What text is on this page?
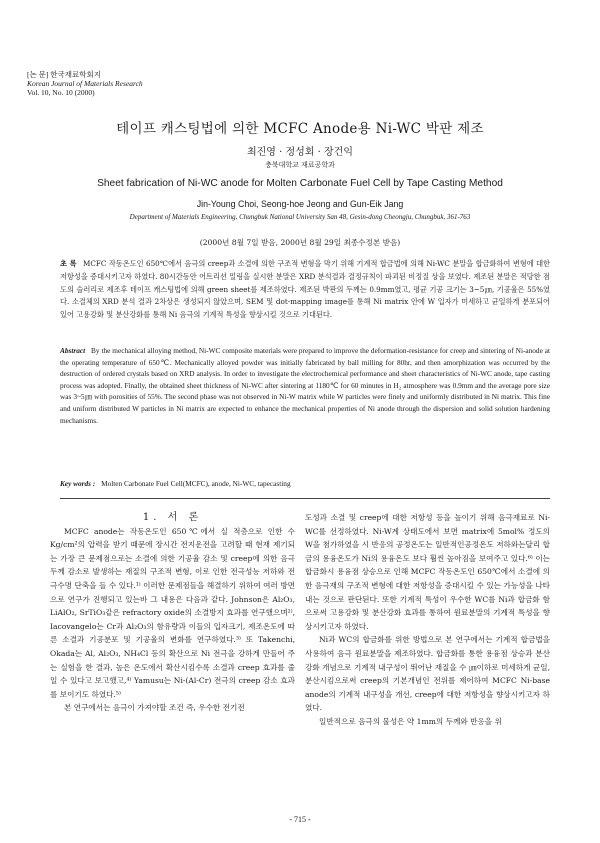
[논 문] 한국재료학회지
Korean Journal of Materials Research
Vol. 10, No. 10 (2000)
테이프 캐스팅법에 의한 MCFC Anode용 Ni-WC 박판 제조
최진영 · 정성회 · 장건익
충북대학교 재료공학과
Sheet fabrication of Ni-WC anode for Molten Carbonate Fuel Cell by Tape Casting Method
Jin-Young Choi, Seong-hoe Jeong and Gun-Eik Jang
Department of Materials Engineering, Chungbuk National University San 48, Gesin-dong Cheongju, Chungbuk, 361-763
(2000년 8월 7일 받음, 2000년 8월 29일 최종수정본 받음)
초 록 MCFC 작동온도인 650℃에서 음극의 creep과 소결에 의한 구조적 변형을 막기 위해 기계적 합금법에 의해 Ni-WC 분말을 합금화하여 변형에 대한 저항성을 증대시키고자 하였다. 80시간동안 어트리션 밀링을 실시한 분말은 XRD 분석결과 결정규칙이 파괴된 비정질 상을 보였다. 제조된 분말은 적당한 점도의 슬러리로 제조후 테이프 캐스팅법에 의해 green sheet를 제조하였다. 제조된 박판의 두께는 0.9mm였고, 평균 기공 크기는 3~5㎛, 기공율은 55%였다. 소결체의 XRD 분석 결과 2차상은 생성되지 않았으며, SEM 및 dot-mapping image를 통해 Ni matrix 안에 W 입자가 미세하고 균일하게 분포되어 있어 고용강화 및 분산강화를 통해 Ni 음극의 기계적 특성을 향상시킬 것으로 기대된다.
Abstract By the mechanical alloying method, Ni-WC composite materials were prepared to improve the deformation-resistance for creep and sintering of Ni-anode at the operating temperature of 650℃. Mechanically alloyed powder was initially fabricated by ball milling for 80hr, and then amorphization was occurred by the destruction of ordered crystals based on XRD analysis. In order to investigate the electrochemical performance and sheet characteristics of Ni-WC anode, tape casting process was adopted. Finally, the obtained sheet thickness of Ni-WC after sintering at 1180℃ for 60 minutes in H₂ atmosphere was 0.9mm and the average pore size was 3~5㎛ with porosities of 55%. The second phase was not observed in Ni-W matrix while W particles were finely and uniformly distributed in Ni matrix. This fine and uniform distributed W particles in Ni matrix are expected to enhance the mechanical properties of Ni anode through the dispersion and solid solution hardening mechanisms.
Key words : Molten Carbonate Fuel Cell(MCFC), anode, Ni-WC, tapecasting

1. 서 론

MCFC anode는 작동온도인 650℃에서 실 적층으로 인한 수 Kg/cm²의 압력을 받기 때문에 장시간 전지운전을 고려할 때 현재 제기되는 가장 큰 문제점으로는 소결에 의한 기공율 감소 및 creep에 의한 음극두께 감소로 발생하는 재질의 구조적 변형, 이로 인한 전극성능 저하와 전극수명 단축을 들 수 있다.¹⁾ 이러한 문제점들을 해결하기 위하여 여러 방면으로 연구가 진행되고 있는바 그 내용은 다음과 같다. Johnson은 Al₂O₃, LiAlO₂, SrTiO₃같은 refractory oxide의 소결방지 효과를 연구했으며²⁾, Iacovangelo는 Cr과 Al₂O₃의 함유량과 이들의 입자크기, 제조온도에 따른 소결과 기공분포 및 기공율의 변화를 연구하였다.³⁾ 또 Takenchi, Okada는 Al, Al₂O₃, NH₄Cl 등의 확산으로 Ni 전극을 강하게 만들어 주는 실험을 한 결과, 높은 온도에서 확산시킴수록 소결과 creep 효과를 줄일 수 있다고 보고했고,⁴⁾ Yamusu는 Ni-(Al-Cr) 전극의 creep 감소 효과를 보이기도 하였다.⁵⁾

본 연구에서는 음극이 가져야할 조건 즉, 우수한 전기전

도성과 소결 및 creep에 대한 저항성 등을 높이기 위해 음극재료로 Ni-WC를 선정하였다. Ni-W계 상태도에서 보면 matrix에 5mol% 정도의 W을 첨가하였을 시 반응의 공정온도는 일반적인공정온도 저하와는달리 합금의 용융온도가 Ni의 용융온도 보다 훨씬 높아짐을 보여주고 있다.⁶⁾ 이는 합금화시 용융점 상승으로 인해 MCFC 작동온도인 650℃에서 소결에 의한 음극재의 구조적 변형에 대한 저항성을 증대시킬 수 있는 가능성을 나타내는 것으로 판단된다. 또한 기계적 특성이 우수한 WC를 Ni과 합금화 함으로써 고용강화 및 분산강화 효과를 통하여 원료분말의 기계적 특성을 향상시키고자 하였다.

Ni과 WC의 합금화를 위한 방법으로 본 연구에서는 기계적 합금법을 사용하여 음극 원료분말을 제조하였다. 합금화를 통한 용융점 상승과 분산강화 개념으로 기계적 내구성이 뛰어난 재질을 수 ㎛이하로 미세하게 균일, 분산시킴으로써 creep의 기본개념인 전위를 제어하여 MCFC Ni-base anode의 기계적 내구성을 개선, creep에 대한 저항성을 향상시키고자 하였다.

일반적으로 음극의 물성은 약 1mm의 두께와 반응을 위

- 715 -
